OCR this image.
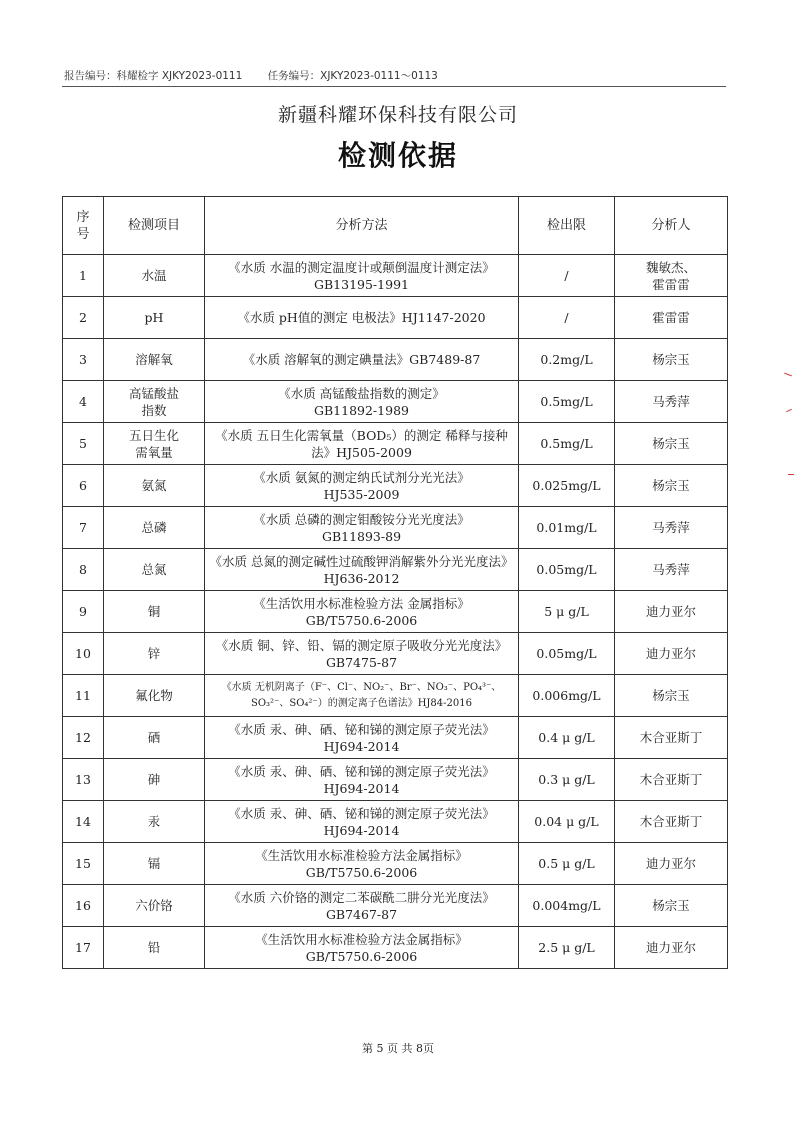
报告编号：科耀检字 XJKY2023-0111 任务编号：XJKY2023-0111～0113
新疆科耀环保科技有限公司
检测依据
序
号	检测项目	分析方法	检出限	分析人
1	水温	《水质 水温的测定温度计或颠倒温度计测定法》GB13195-1991	/	魏敏杰、
霍雷雷
2	pH	《水质 pH值的测定 电极法》HJ1147-2020	/	霍雷雷
3	溶解氧	《水质 溶解氧的测定碘量法》GB7489-87	0.2mg/L	杨宗玉
4	高锰酸盐
指数	《水质 高锰酸盐指数的测定》
GB11892-1989	0.5mg/L	马秀萍
5	五日生化
需氧量	《水质 五日生化需氧量（BOD₅）的测定 稀释与接种法》HJ505-2009	0.5mg/L	杨宗玉
6	氨氮	《水质 氨氮的测定纳氏试剂分光光法》
HJ535-2009	0.025mg/L	杨宗玉
7	总磷	《水质 总磷的测定钼酸铵分光光度法》
GB11893-89	0.01mg/L	马秀萍
8	总氮	《水质 总氮的测定碱性过硫酸钾消解紫外分光光度法》HJ636-2012	0.05mg/L	马秀萍
9	铜	《生活饮用水标准检验方法 金属指标》
GB/T5750.6-2006	5 μ g/L	迪力亚尔
10	锌	《水质 铜、锌、铅、镉的测定原子吸收分光光度法》GB7475-87	0.05mg/L	迪力亚尔
11	氟化物	《水质 无机阴离子（F⁻、Cl⁻、NO₂⁻、Br⁻、NO₃⁻、PO₄³⁻、SO₃²⁻、SO₄²⁻）的测定离子色谱法》HJ84-2016	0.006mg/L	杨宗玉
12	硒	《水质 汞、砷、硒、铋和锑的测定原子荧光法》HJ694-2014	0.4 μ g/L	木合亚斯丁
13	砷	《水质 汞、砷、硒、铋和锑的测定原子荧光法》HJ694-2014	0.3 μ g/L	木合亚斯丁
14	汞	《水质 汞、砷、硒、铋和锑的测定原子荧光法》HJ694-2014	0.04 μ g/L	木合亚斯丁
15	镉	《生活饮用水标准检验方法金属指标》
GB/T5750.6-2006	0.5 μ g/L	迪力亚尔
16	六价铬	《水质 六价铬的测定二苯碳酰二肼分光光度法》GB7467-87	0.004mg/L	杨宗玉
17	铅	《生活饮用水标准检验方法金属指标》
GB/T5750.6-2006	2.5 μ g/L	迪力亚尔
第 5 页 共 8页
